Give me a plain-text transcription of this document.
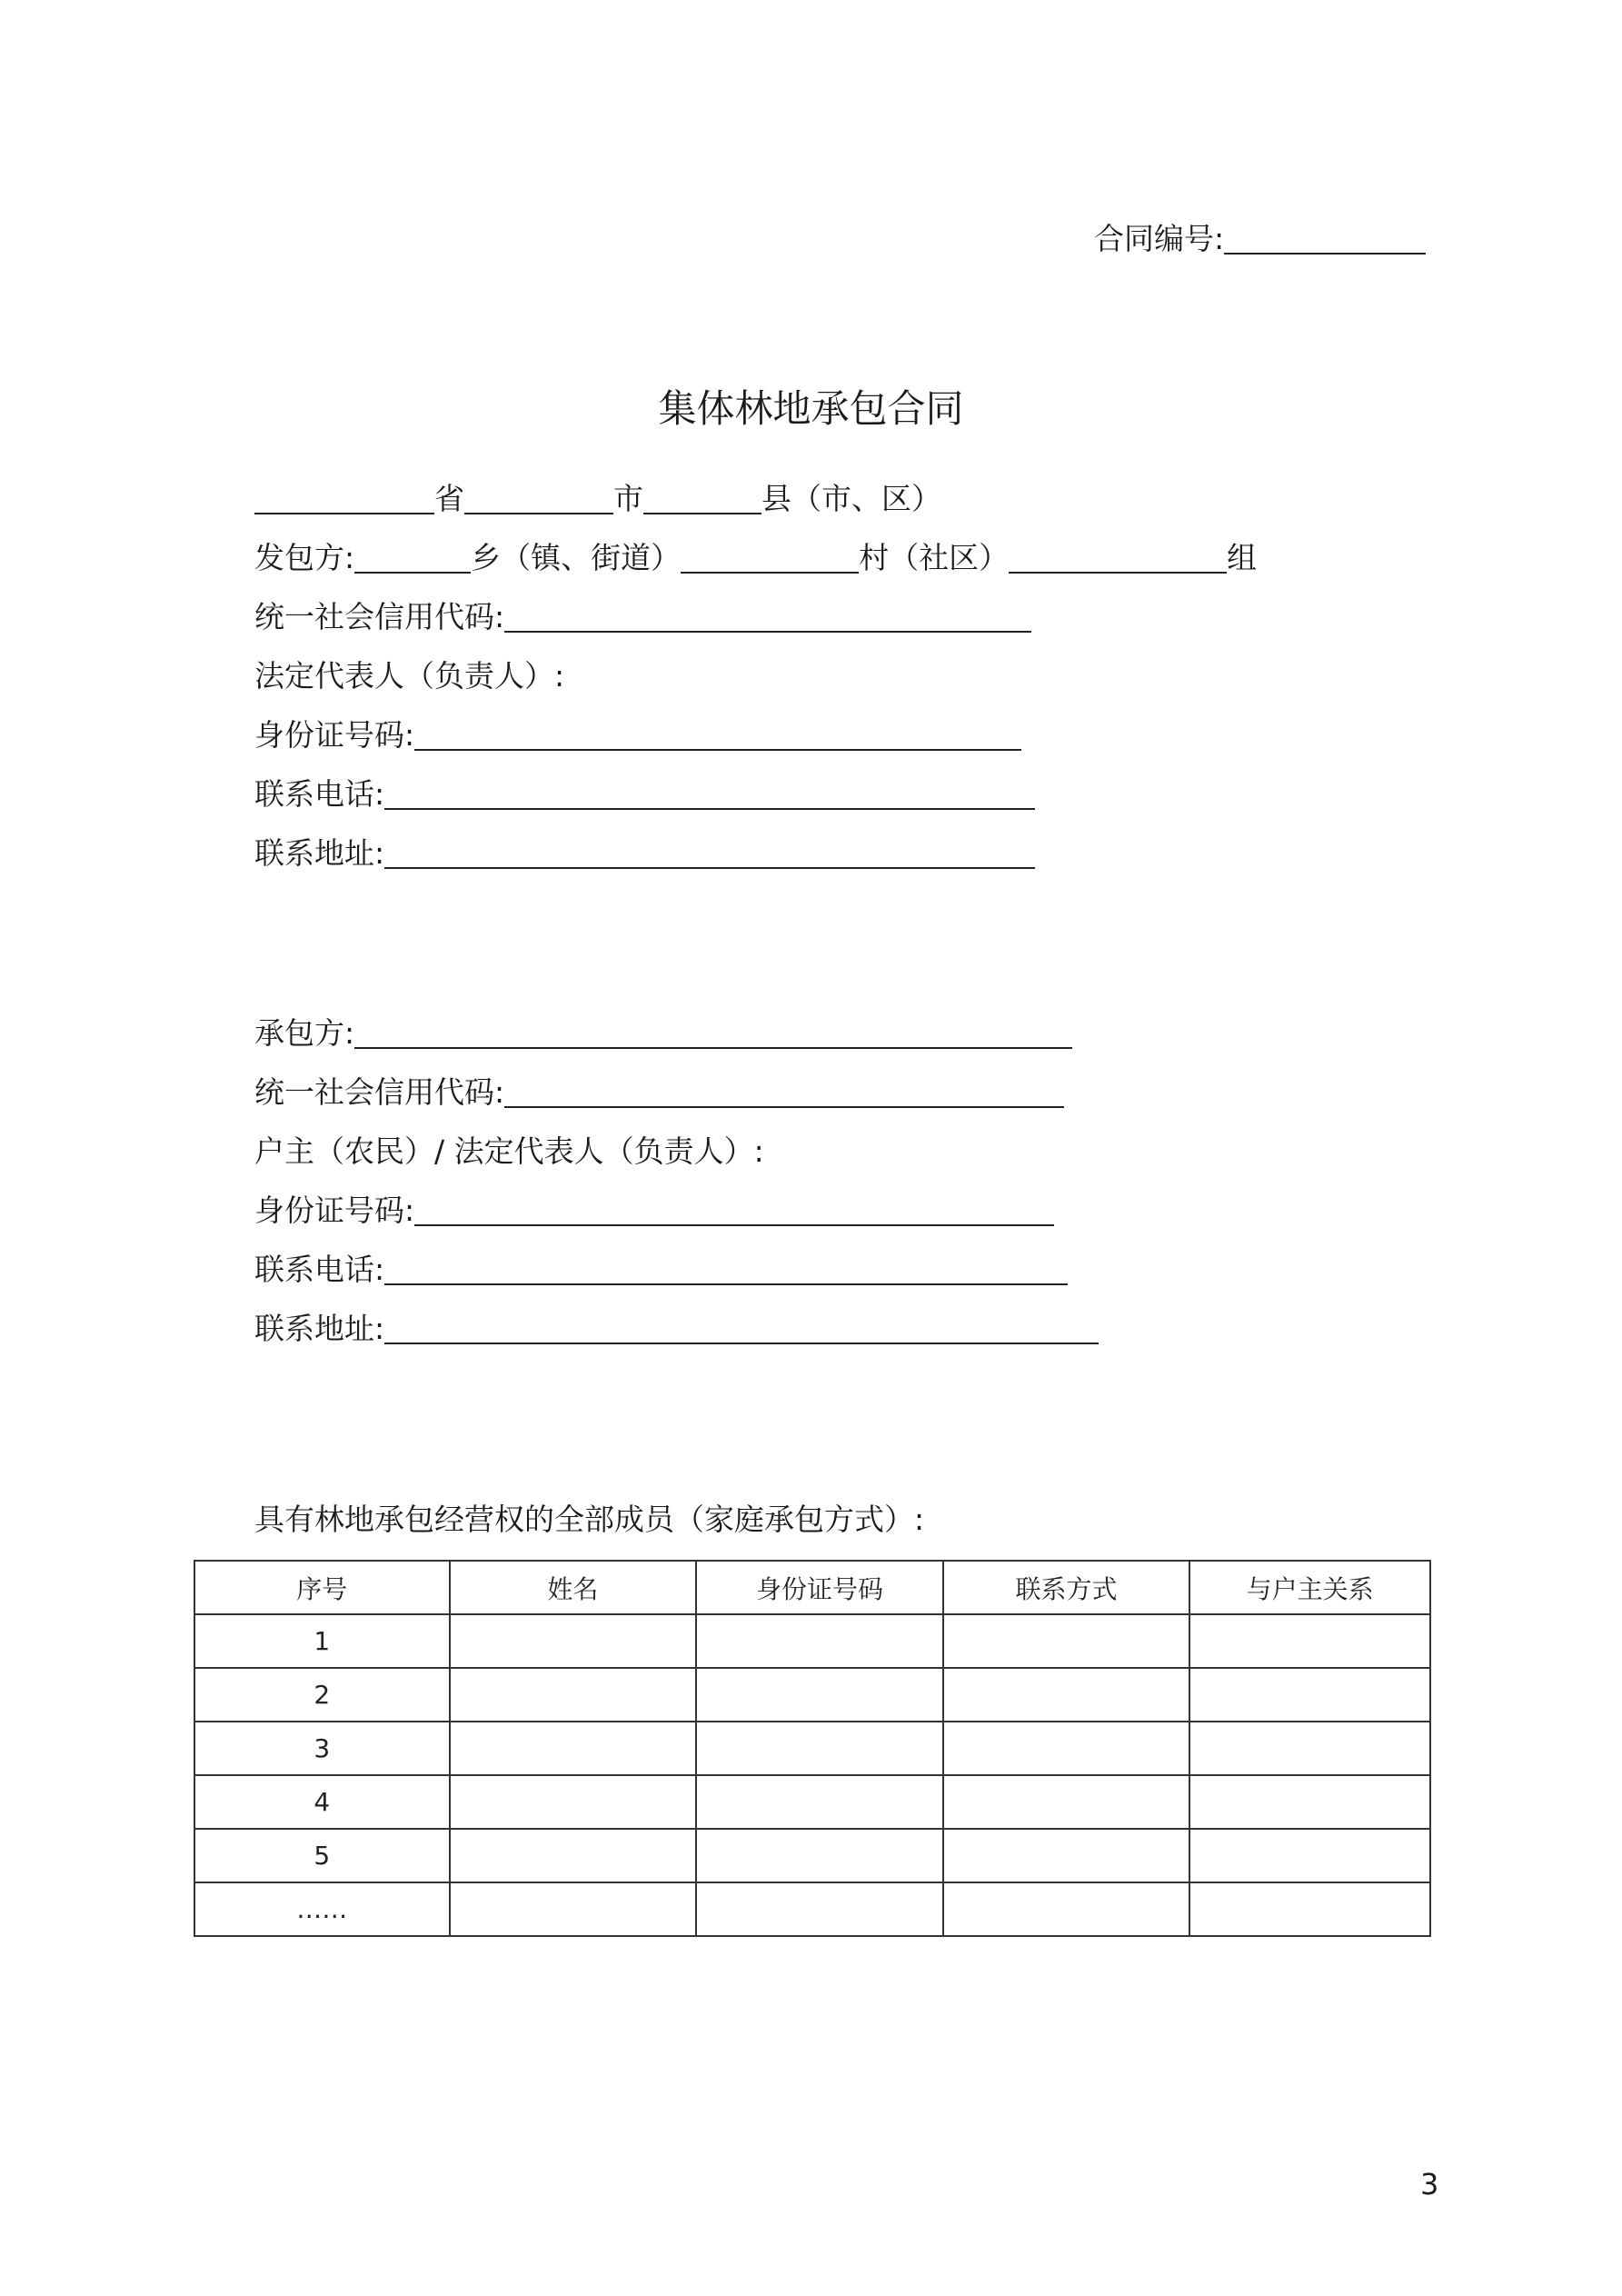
合同编号:
集体林地承包合同
省	市	县（市、区）
发包方:	乡（镇、街道）	村（社区）	组
统一社会信用代码:
法定代表人（负责人）:
身份证号码:
联系电话:
联系地址:
承包方:
统一社会信用代码:
户主（农民）/ 法定代表人（负责人）:
身份证号码:
联系电话:
联系地址:
具有林地承包经营权的全部成员（家庭承包方式）:
序号	姓名	身份证号码	联系方式	与户主关系
1				
2				
3				
4				
5				
……				
3
